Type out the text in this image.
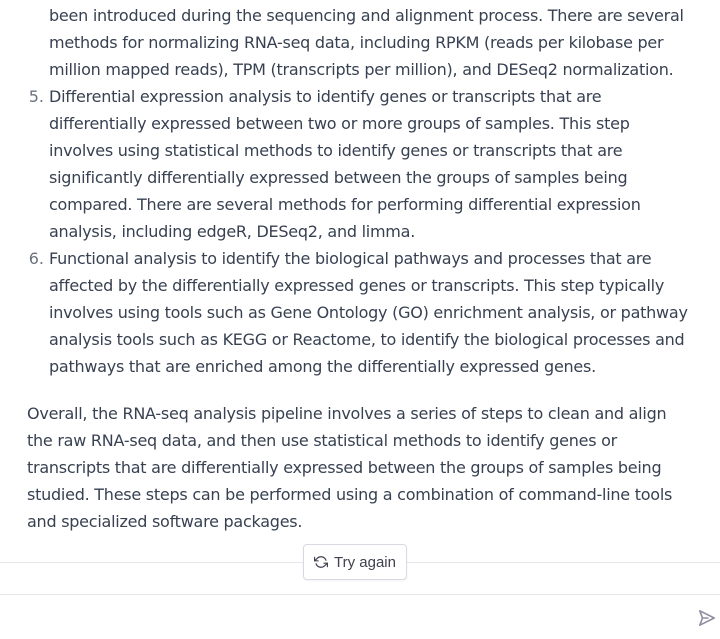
been introduced during the sequencing and alignment process. There are several
methods for normalizing RNA-seq data, including RPKM (reads per kilobase per
million mapped reads), TPM (transcripts per million), and DESeq2 normalization.
5. Differential expression analysis to identify genes or transcripts that are
differentially expressed between two or more groups of samples. This step
involves using statistical methods to identify genes or transcripts that are
significantly differentially expressed between the groups of samples being
compared. There are several methods for performing differential expression
analysis, including edgeR, DESeq2, and limma.
6. Functional analysis to identify the biological pathways and processes that are
affected by the differentially expressed genes or transcripts. This step typically
involves using tools such as Gene Ontology (GO) enrichment analysis, or pathway
analysis tools such as KEGG or Reactome, to identify the biological processes and
pathways that are enriched among the differentially expressed genes.
Overall, the RNA-seq analysis pipeline involves a series of steps to clean and align
the raw RNA-seq data, and then use statistical methods to identify genes or
transcripts that are differentially expressed between the groups of samples being
studied. These steps can be performed using a combination of command-line tools
and specialized software packages.
Try again
